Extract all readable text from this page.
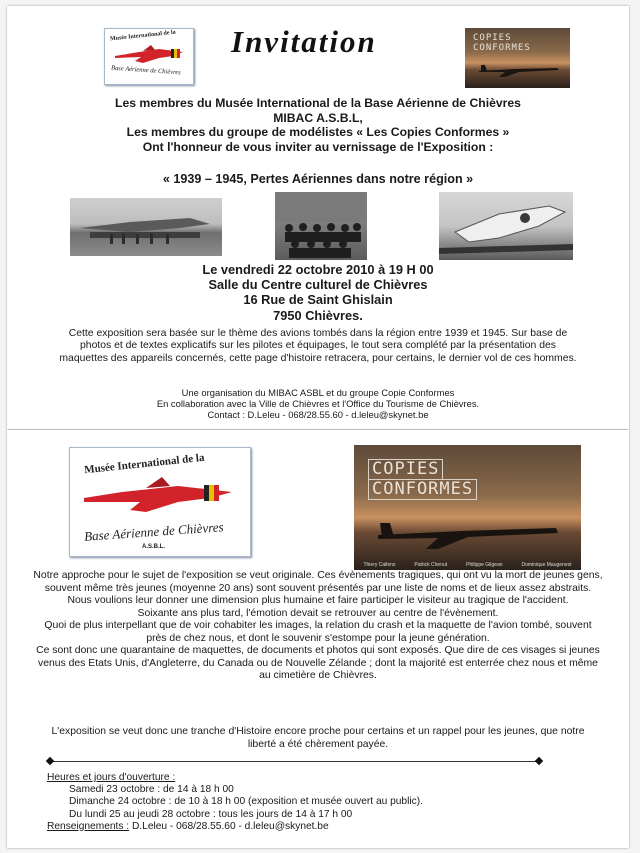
Musée International de la
Base Aérienne de Chièvres
Invitation	COPIES
CONFORMES
Les membres du Musée International de la Base Aérienne de Chièvres
MIBAC A.S.B.L,
Les membres du groupe de modélistes « Les Copies Conformes »
Ont l'honneur de vous inviter au vernissage de l'Exposition :
« 1939 – 1945, Pertes Aériennes dans notre région »
Le vendredi 22 octobre 2010 à 19 H 00
Salle du Centre culturel de Chièvres
16 Rue de Saint Ghislain
7950 Chièvres.
Cette exposition sera basée sur le thème des avions tombés dans la région entre 1939 et 1945. Sur base de photos et de textes explicatifs sur les pilotes et équipages, le tout sera complété par la présentation des maquettes des appareils concernés, cette page d'histoire retracera, pour certains, le dernier vol de ces hommes.
Une organisation du MIBAC ASBL et du groupe Copie Conformes
En collaboration avec la Ville de Chièvres et l'Office du Tourisme de Chièvres.
Contact : D.Leleu - 068/28.55.60 - d.leleu@skynet.be
Musée International de la
Base Aérienne de Chièvres
A.S.B.L.
COPIES
CONFORMES
Thiery Callens	Patrick Chenut	Philippe Gilgean	Dominique Maugenest
Notre approche pour le sujet de l'exposition se veut originale. Ces évènements tragiques, qui ont vu la mort de jeunes gens, souvent même très jeunes (moyenne 20 ans) sont souvent présentés par une liste de noms et de lieux assez abstraits.
Nous voulions leur donner une dimension plus humaine et faire participer le visiteur au tragique de l'accident.
Soixante ans plus tard, l'émotion devait se retrouver au centre de l'évènement.
Quoi de plus interpellant que de voir cohabiter les images, la relation du crash et la maquette de l'avion tombé, souvent près de chez nous, et dont le souvenir s'estompe pour la jeune génération.
Ce sont donc une quarantaine de maquettes, de documents et photos qui sont exposés. Que dire de ces visages si jeunes venus des Etats Unis, d'Angleterre, du Canada ou de Nouvelle Zélande ; dont la majorité est enterrée chez nous et même au cimetière de Chièvres.
L'exposition se veut donc une tranche d'Histoire encore proche pour certains et un rappel pour les jeunes, que notre liberté a été chèrement payée.
Heures et jours d'ouverture :
Samedi 23 octobre : de 14 à 18 h 00
Dimanche 24 octobre : de 10 à 18 h 00 (exposition et musée ouvert au public).
Du lundi 25 au jeudi 28 octobre : tous les jours de 14 à 17 h 00
Renseignements : D.Leleu - 068/28.55.60 - d.leleu@skynet.be
